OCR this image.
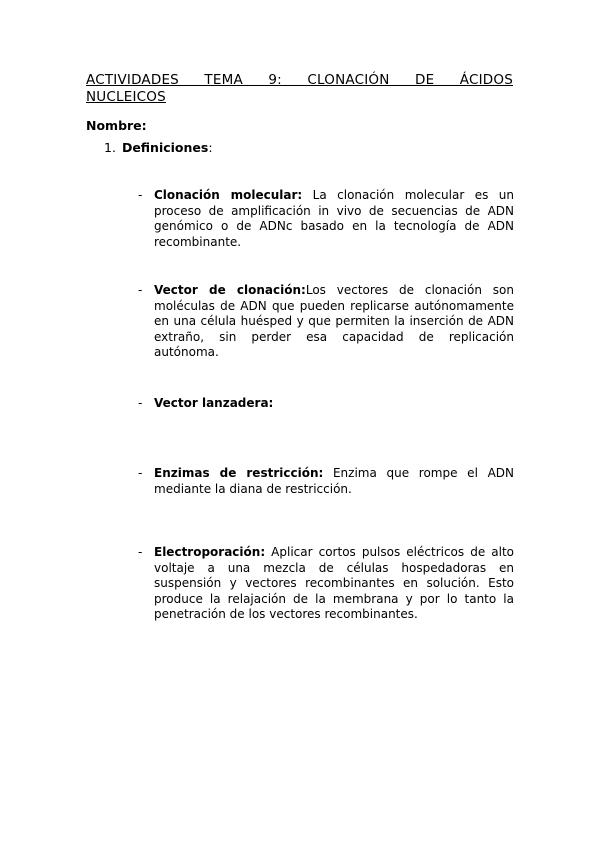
ACTIVIDADES TEMA 9: CLONACIÓN DE ÁCIDOS
NUCLEICOS
Nombre:
1. Definiciones:
- Clonación molecular: La clonación molecular es un proceso de amplificación in vivo de secuencias de ADN genómico o de ADNc basado en la tecnología de ADN recombinante.
- Vector de clonación:Los vectores de clonación son moléculas de ADN que pueden replicarse autónomamente en una célula huésped y que permiten la inserción de ADN extraño, sin perder esa capacidad de replicación autónoma.
- Vector lanzadera:
- Enzimas de restricción: Enzima que rompe el ADN mediante la diana de restricción.
- Electroporación: Aplicar cortos pulsos eléctricos de alto voltaje a una mezcla de células hospedadoras en suspensión y vectores recombinantes en solución. Esto produce la relajación de la membrana y por lo tanto la penetración de los vectores recombinantes.
